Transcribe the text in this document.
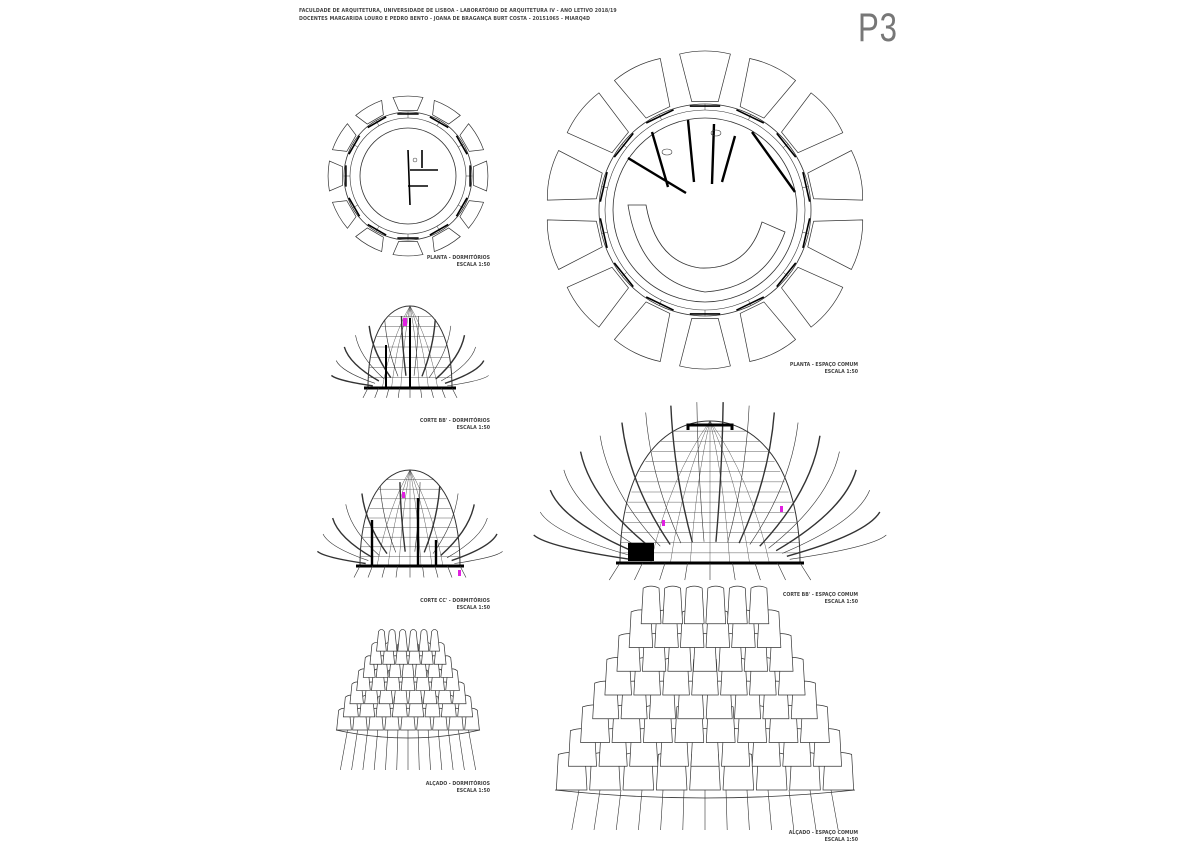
FACULDADE DE ARQUITETURA, UNIVERSIDADE DE LISBOA - LABORATÓRIO DE ARQUITETURA IV - ANO LETIVO 2018/19
DOCENTES MARGARIDA LOURO E PEDRO BENTO - JOANA DE BRAGANÇA BURT COSTA - 20151065 - MIARQ4D	P3
PLANTA - DORMITÓRIOS
ESCALA 1:50
PLANTA - ESPAÇO COMUM
ESCALA 1:50
CORTE BB' - DORMITÓRIOS
ESCALA 1:50
CORTE BB' - ESPAÇO COMUM
ESCALA 1:50
CORTE CC' - DORMITÓRIOS
ESCALA 1:50
ALÇADO - DORMITÓRIOS
ESCALA 1:50
ALÇADO - ESPAÇO COMUM
ESCALA 1:50
